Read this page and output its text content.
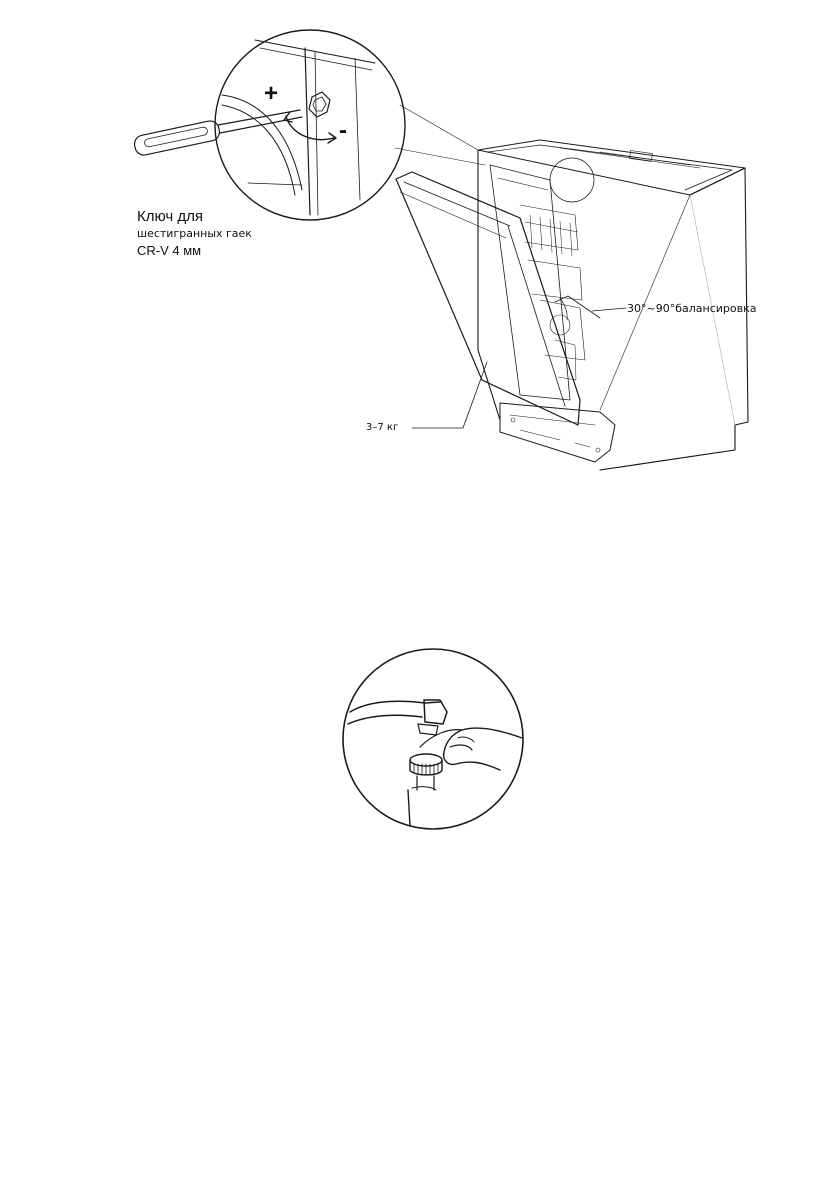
Ключ для
шестигранных гаек
CR-V 4 мм
30°~90°балансировка
3–7 кг
+
-
